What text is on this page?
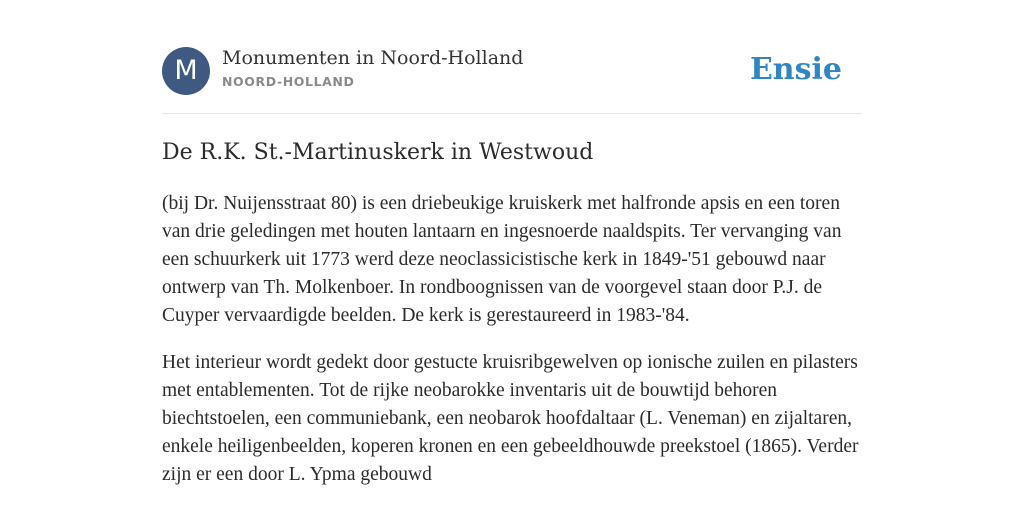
M	Monumenten in Noord-Holland
NOORD-HOLLAND	Ensie
De R.K. St.-Martinuskerk in Westwoud

(bij Dr. Nuijensstraat 80) is een driebeukige kruiskerk met halfronde apsis en een toren van drie geledingen met houten lantaarn en ingesnoerde naaldspits. Ter vervanging van een schuurkerk uit 1773 werd deze neoclassicistische kerk in 1849-'51 gebouwd naar ontwerp van Th. Molkenboer. In rondboognissen van de voorgevel staan door P.J. de Cuyper vervaardigde beelden. De kerk is gerestaureerd in 1983-'84.

Het interieur wordt gedekt door gestucte kruisribgewelven op ionische zuilen en pilasters met entablementen. Tot de rijke neobarokke inventaris uit de bouwtijd behoren biechtstoelen, een communiebank, een neobarok hoofdaltaar (L. Veneman) en zijaltaren, enkele heiligenbeelden, koperen kronen en een gebeeldhouwde preekstoel (1865). Verder zijn er een door L. Ypma gebouwd
